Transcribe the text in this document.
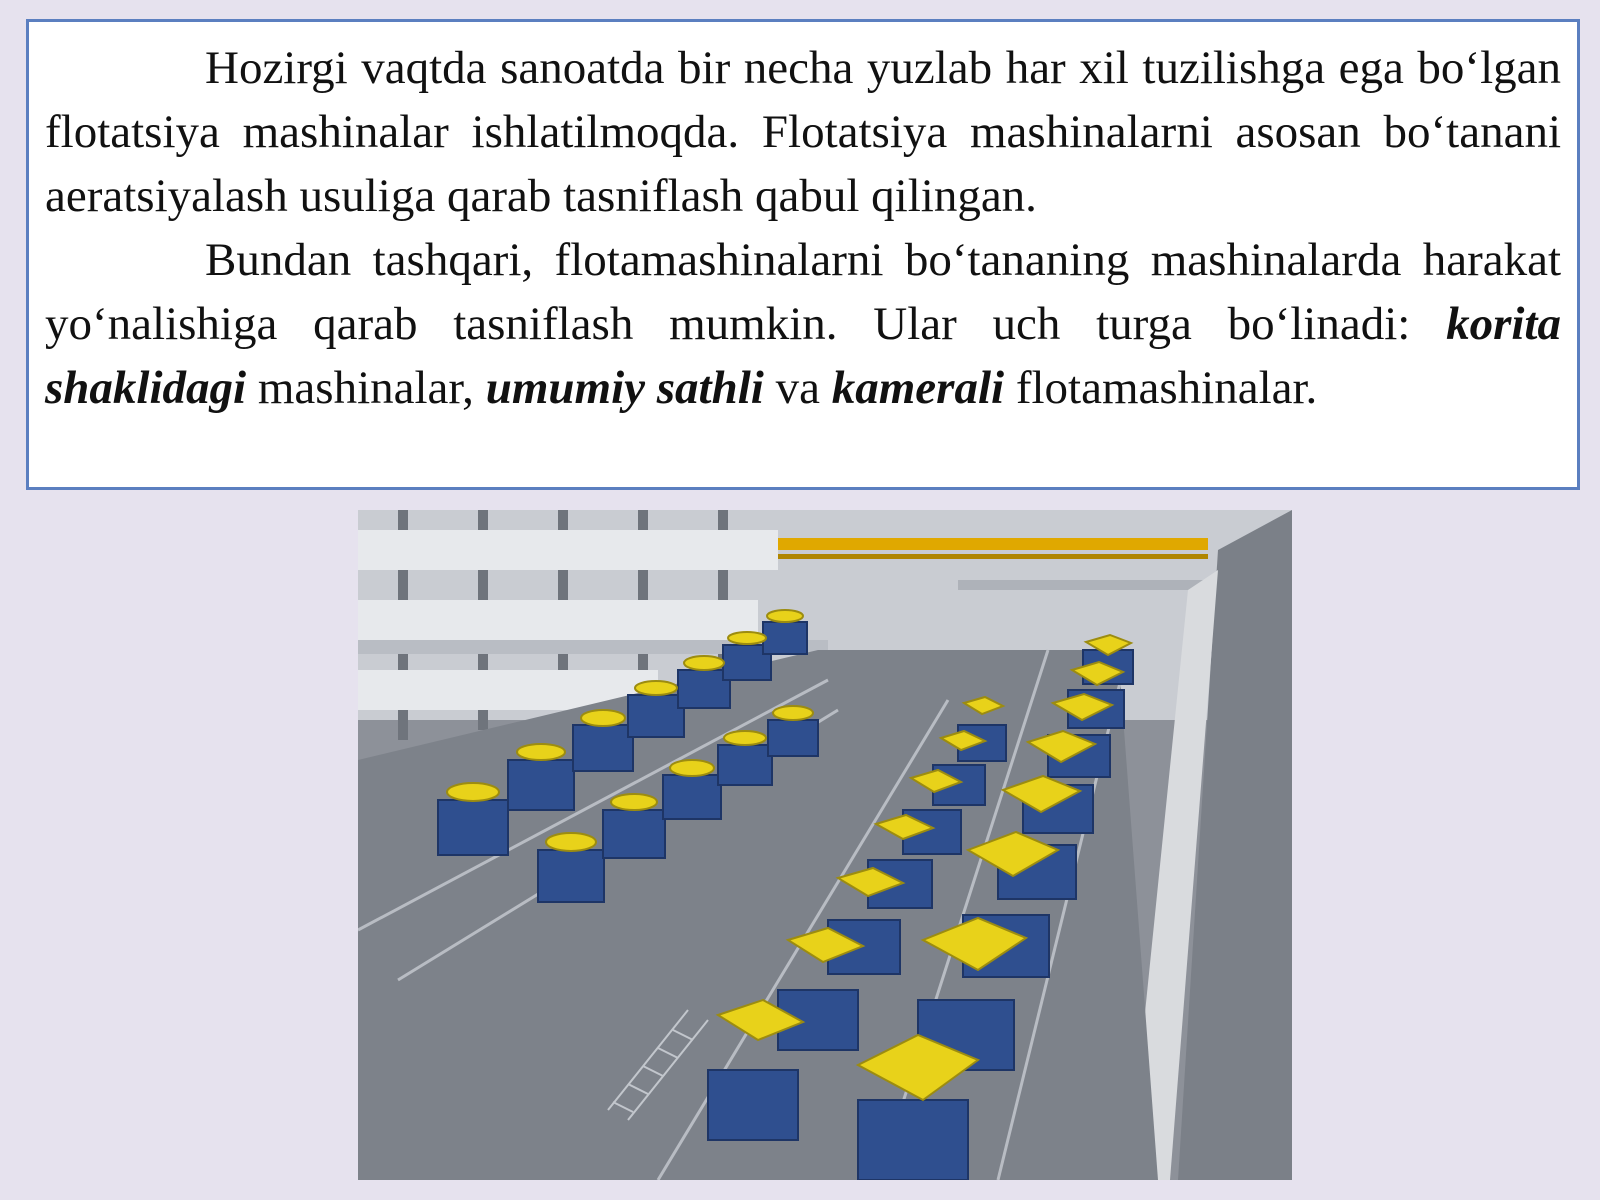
Hozirgi vaqtda sanoatda bir necha yuzlab har xil tuzilishga ega bo‘lgan flotatsiya mashinalar ishlatilmoqda. Flotatsiya mashinalarni asosan bo‘tanani aeratsiyalash usuliga qarab tasniflash qabul qilingan.

Bundan tashqari, flotamashinalarni bo‘tananing mashinalarda harakat yo‘nalishiga qarab tasniflash mumkin. Ular uch turga bo‘linadi: korita shaklidagi mashinalar, umumiy sathli va kamerali flotamashinalar.
